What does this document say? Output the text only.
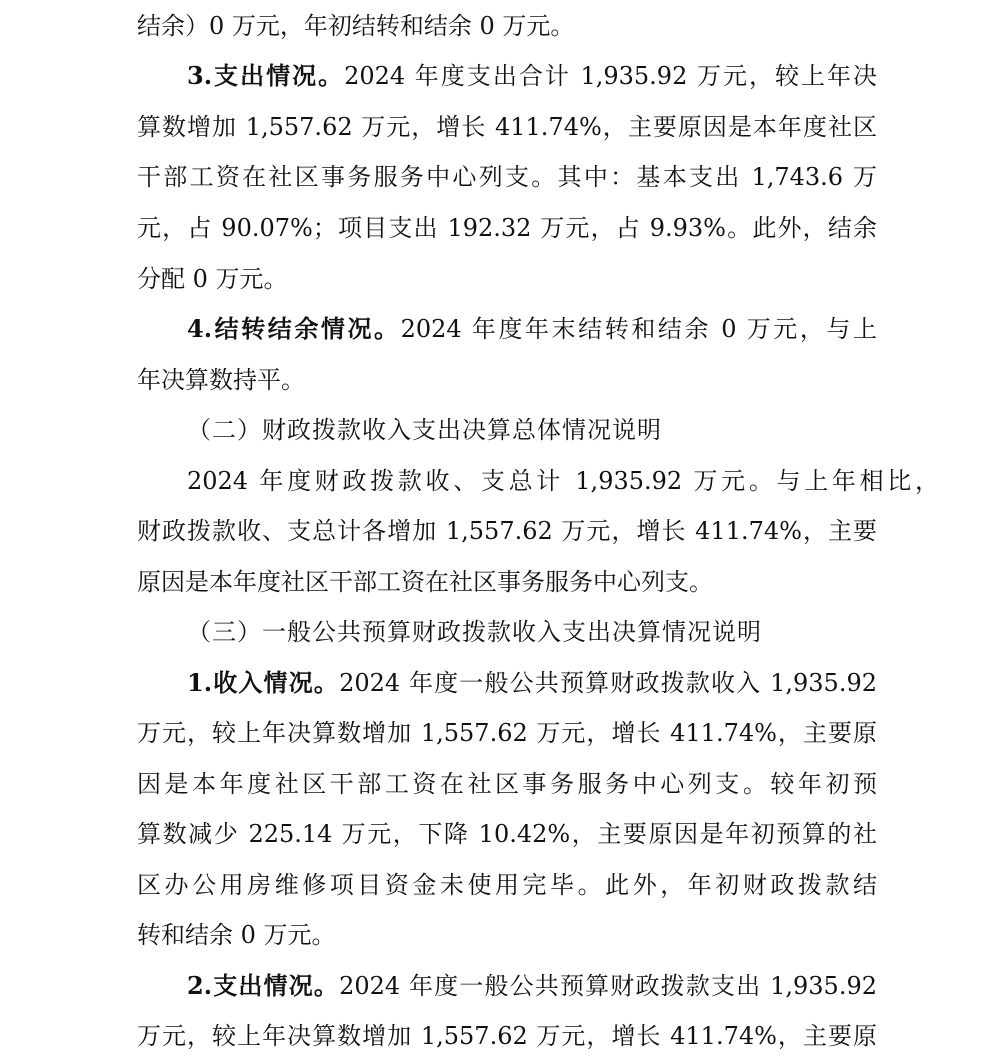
结余）0 万元，年初结转和结余 0 万元。
3.支出情况。2024 年度支出合计 1,935.92 万元，较上年决
算数增加 1,557.62 万元，增长 411.74%，主要原因是本年度社区
干部工资在社区事务服务中心列支。其中：基本支出 1,743.6 万
元，占 90.07%；项目支出 192.32 万元，占 9.93%。此外，结余
分配 0 万元。
4.结转结余情况。2024 年度年末结转和结余 0 万元，与上
年决算数持平。
（二）财政拨款收入支出决算总体情况说明
2024 年度财政拨款收、支总计 1,935.92 万元。与上年相比，
财政拨款收、支总计各增加 1,557.62 万元，增长 411.74%，主要
原因是本年度社区干部工资在社区事务服务中心列支。
（三）一般公共预算财政拨款收入支出决算情况说明
1.收入情况。2024 年度一般公共预算财政拨款收入 1,935.92
万元，较上年决算数增加 1,557.62 万元，增长 411.74%，主要原
因是本年度社区干部工资在社区事务服务中心列支。较年初预
算数减少 225.14 万元，下降 10.42%，主要原因是年初预算的社
区办公用房维修项目资金未使用完毕。此外，年初财政拨款结
转和结余 0 万元。
2.支出情况。2024 年度一般公共预算财政拨款支出 1,935.92
万元，较上年决算数增加 1,557.62 万元，增长 411.74%，主要原
